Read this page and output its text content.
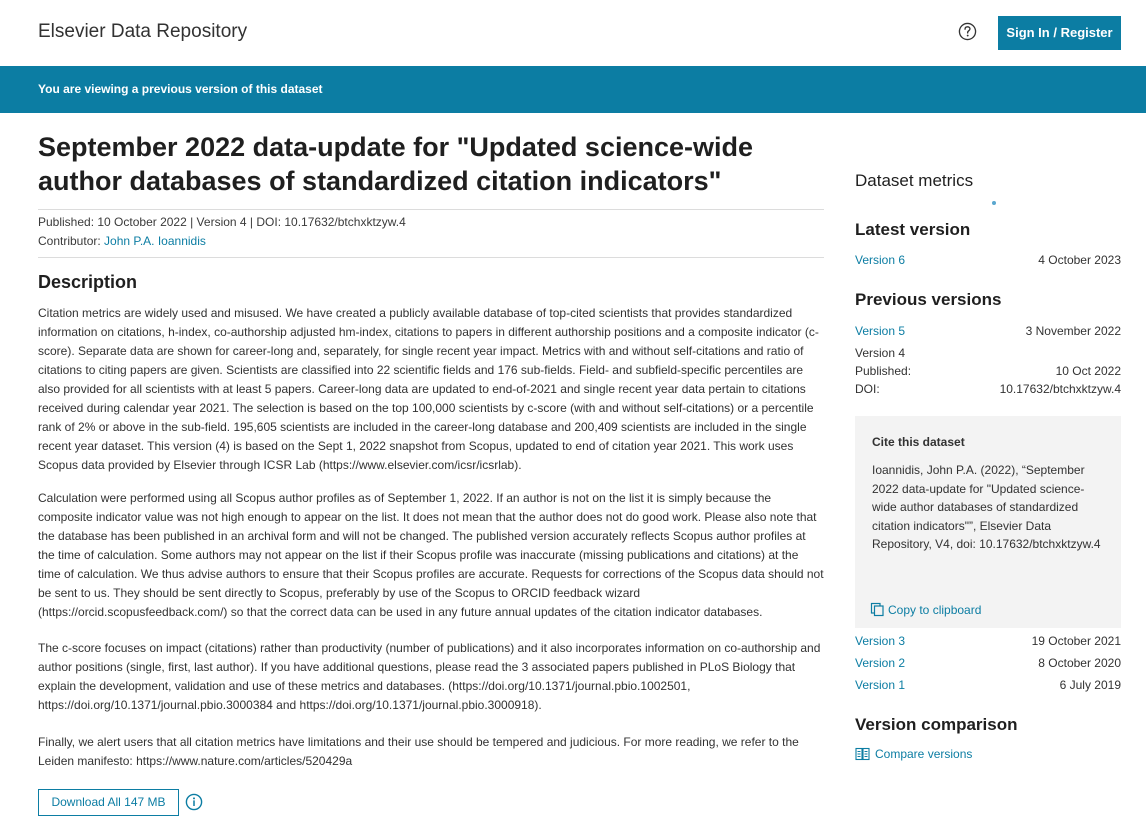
Elsevier Data Repository	Sign In / Register
You are viewing a previous version of this dataset
September 2022 data-update for "Updated science-wide author databases of standardized citation indicators"
Published: 10 October 2022 | Version 4 | DOI: 10.17632/btchxktzyw.4
Contributor: John P.A. Ioannidis
Description

Citation metrics are widely used and misused. We have created a publicly available database of top-cited scientists that provides standardized information on citations, h-index, co-authorship adjusted hm-index, citations to papers in different authorship positions and a composite indicator (c-score). Separate data are shown for career-long and, separately, for single recent year impact. Metrics with and without self-citations and ratio of citations to citing papers are given. Scientists are classified into 22 scientific fields and 176 sub-fields. Field- and subfield-specific percentiles are also provided for all scientists with at least 5 papers. Career-long data are updated to end-of-2021 and single recent year data pertain to citations received during calendar year 2021. The selection is based on the top 100,000 scientists by c-score (with and without self-citations) or a percentile rank of 2% or above in the sub-field. 195,605 scientists are included in the career-long database and 200,409 scientists are included in the single recent year dataset. This version (4) is based on the Sept 1, 2022 snapshot from Scopus, updated to end of citation year 2021. This work uses Scopus data provided by Elsevier through ICSR Lab (https://www.elsevier.com/icsr/icsrlab).

Calculation were performed using all Scopus author profiles as of September 1, 2022. If an author is not on the list it is simply because the composite indicator value was not high enough to appear on the list. It does not mean that the author does not do good work. Please also note that the database has been published in an archival form and will not be changed. The published version accurately reflects Scopus author profiles at the time of calculation. Some authors may not appear on the list if their Scopus profile was inaccurate (missing publications and citations) at the time of calculation. We thus advise authors to ensure that their Scopus profiles are accurate. Requests for corrections of the Scopus data should not be sent to us. They should be sent directly to Scopus, preferably by use of the Scopus to ORCID feedback wizard (https://orcid.scopusfeedback.com/) so that the correct data can be used in any future annual updates of the citation indicator databases.

The c-score focuses on impact (citations) rather than productivity (number of publications) and it also incorporates information on co-authorship and author positions (single, first, last author). If you have additional questions, please read the 3 associated papers published in PLoS Biology that explain the development, validation and use of these metrics and databases. (https://doi.org/10.1371/journal.pbio.1002501, https://doi.org/10.1371/journal.pbio.3000384 and https://doi.org/10.1371/journal.pbio.3000918).

Finally, we alert users that all citation metrics have limitations and their use should be tempered and judicious. For more reading, we refer to the Leiden manifesto: https://www.nature.com/articles/520429a

Download All 147 MB
Dataset metrics
Latest version
Version 6	4 October 2023
Previous versions
Version 5	3 November 2022
Version 4
Published:	10 Oct 2022
DOI:	10.17632/btchxktzyw.4
Cite this dataset
Ioannidis, John P.A. (2022), “September 2022 data-update for "Updated science-wide author databases of standardized citation indicators"”, Elsevier Data Repository, V4, doi: 10.17632/btchxktzyw.4
Copy to clipboard
Version 3	19 October 2021
Version 2	8 October 2020
Version 1	6 July 2019
Version comparison
Compare versions
